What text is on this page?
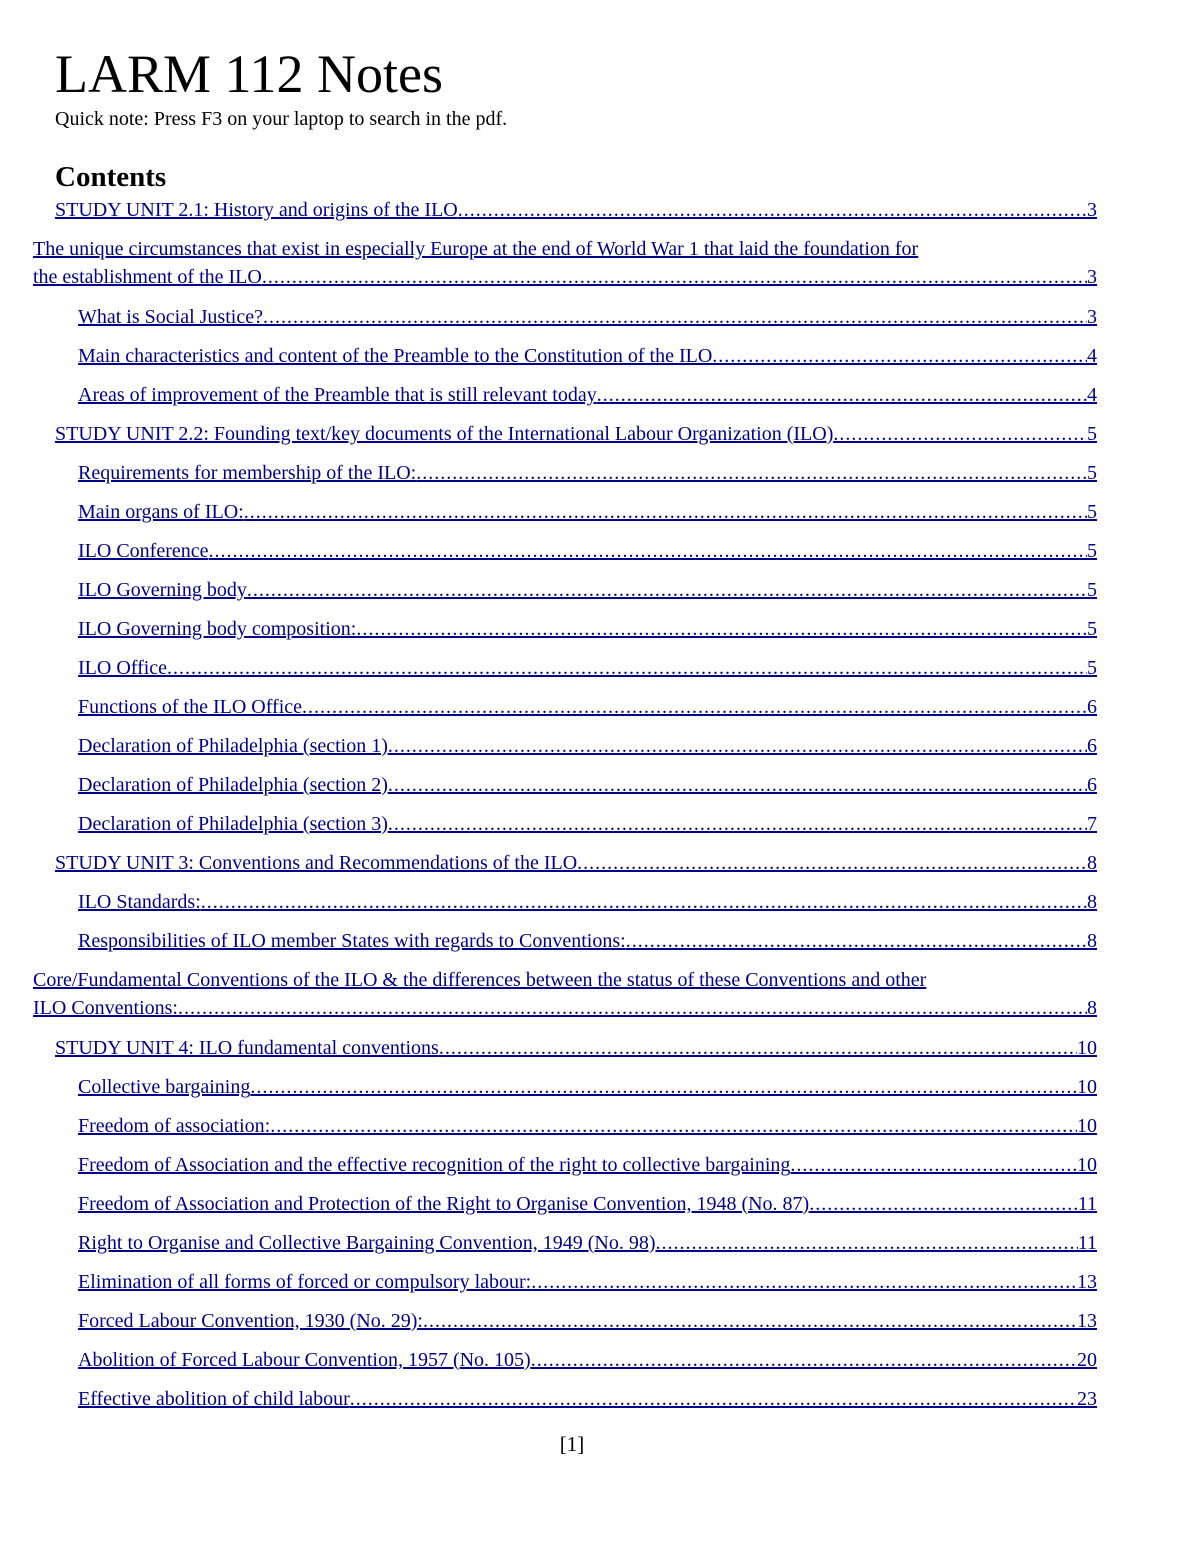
LARM 112 Notes
Quick note: Press F3 on your laptop to search in the pdf.
Contents
STUDY UNIT 2.1: History and origins of the ILO .....	3
The unique circumstances that exist in especially Europe at the end of World War 1 that laid the foundation for
the establishment of the ILO .....	3
What is Social Justice? .....	3
Main characteristics and content of the Preamble to the Constitution of the ILO .....	4
Areas of improvement of the Preamble that is still relevant today .....	4
STUDY UNIT 2.2: Founding text/key documents of the International Labour Organization (ILO) .....	5
Requirements for membership of the ILO: .....	5
Main organs of ILO: .....	5
ILO Conference .....	5
ILO Governing body .....	5
ILO Governing body composition: .....	5
ILO Office .....	5
Functions of the ILO Office .....	6
Declaration of Philadelphia (section 1) .....	6
Declaration of Philadelphia (section 2) .....	6
Declaration of Philadelphia (section 3) .....	7
STUDY UNIT 3: Conventions and Recommendations of the ILO .....	8
ILO Standards: .....	8
Responsibilities of ILO member States with regards to Conventions: .....	8
Core/Fundamental Conventions of the ILO & the differences between the status of these Conventions and other
ILO Conventions: .....	8
STUDY UNIT 4: ILO fundamental conventions .....	10
Collective bargaining .....	10
Freedom of association: .....	10
Freedom of Association and the effective recognition of the right to collective bargaining .....	10
Freedom of Association and Protection of the Right to Organise Convention, 1948 (No. 87) .....	11
Right to Organise and Collective Bargaining Convention, 1949 (No. 98) .....	11
Elimination of all forms of forced or compulsory labour: .....	13
Forced Labour Convention, 1930 (No. 29): .....	13
Abolition of Forced Labour Convention, 1957 (No. 105) .....	20
Effective abolition of child labour .....	23
[1]
